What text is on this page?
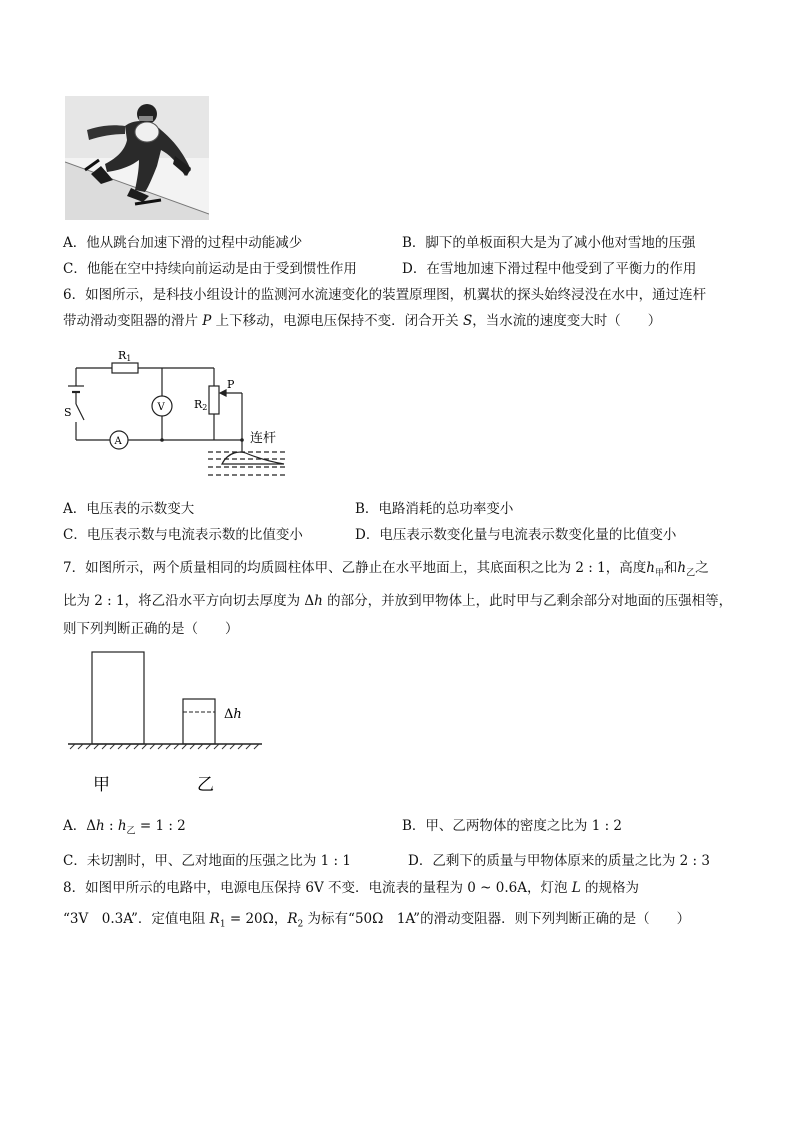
A．他从跳台加速下滑的过程中动能减少	B．脚下的单板面积大是为了减小他对雪地的压强
C．他能在空中持续向前运动是由于受到惯性作用	D．在雪地加速下滑过程中他受到了平衡力的作用
6．如图所示，是科技小组设计的监测河水流速变化的装置原理图，机翼状的探头始终浸没在水中，通过连杆
带动滑动变阻器的滑片 P 上下移动，电源电压保持不变．闭合开关 S，当水流的速度变大时（　　）
R1
V	R2
P
S
A	连杆
A．电压表的示数变大	B．电路消耗的总功率变小
C．电压表示数与电流表示数的比值变小	D．电压表示数变化量与电流表示数变化量的比值变小
7．如图所示，两个质量相同的均质圆柱体甲、乙静止在水平地面上，其底面积之比为 2 : 1，高度$h_甲$和$h_乙$之
比为 2 : 1，将乙沿水平方向切去厚度为 Δh 的部分，并放到甲物体上，此时甲与乙剩余部分对地面的压强相等，
则下列判断正确的是（　　）
Δh
甲	乙
A．Δh : $h_乙 = 1$ : 2	B．甲、乙两物体的密度之比为 1 : 2
C．未切割时，甲、乙对地面的压强之比为 1 : 1	D．乙剩下的质量与甲物体原来的质量之比为 2 : 3
8．如图甲所示的电路中，电源电压保持 6V 不变．电流表的量程为 0 ~ 0.6A，灯泡 L 的规格为
“3V　0.3A”．定值电阻 $R_1 = 20\Omega$，$R_2$ 为标有“50Ω　1A”的滑动变阻器．则下列判断正确的是（　　）
